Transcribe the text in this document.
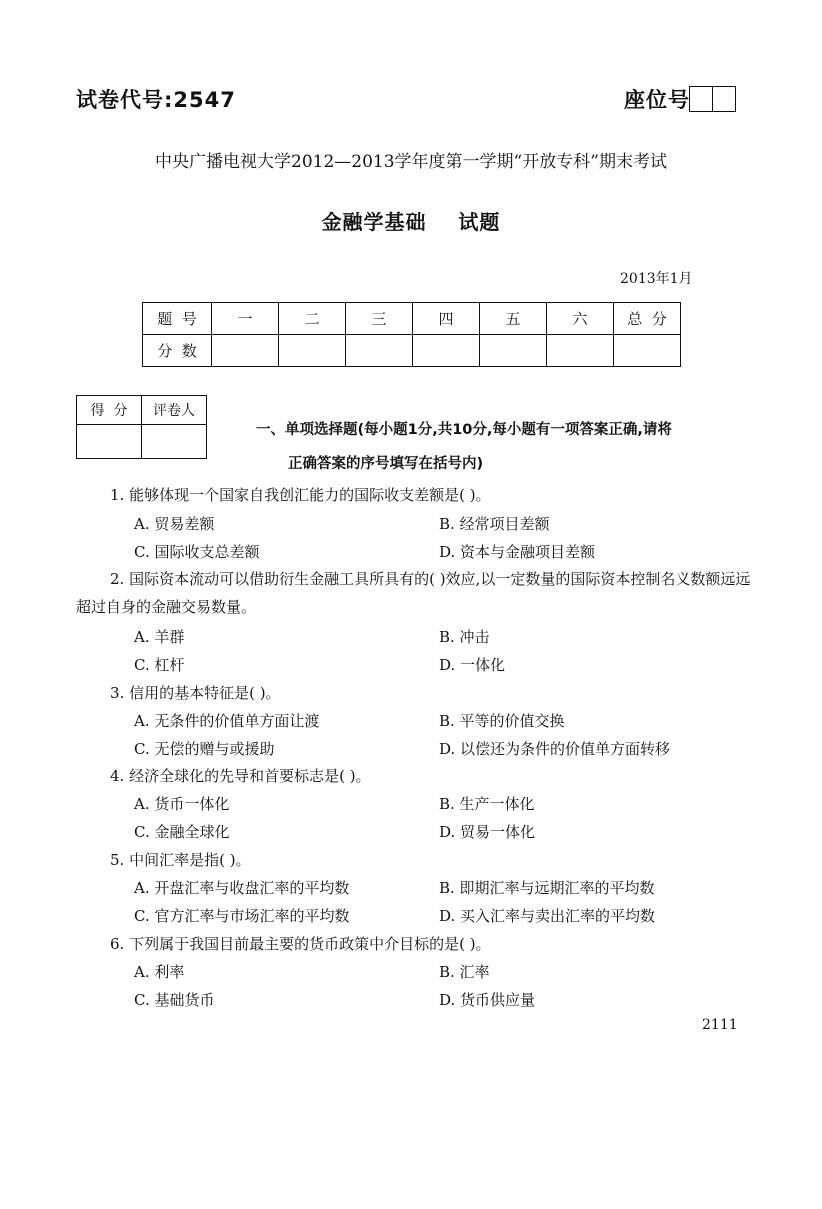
试卷代号:2547	座位号
中央广播电视大学2012—2013学年度第一学期“开放专科”期末考试
金融学基础    试题
2013年1月
题  号	一	二	三	四	五	六	总  分
分  数							
得  分	评卷人

一、单项选择题(每小题1分,共10分,每小题有一项答案正确,请将
正确答案的序号填写在括号内)
1. 能够体现一个国家自我创汇能力的国际收支差额是( )。
A. 贸易差额	B. 经常项目差额
C. 国际收支总差额	D. 资本与金融项目差额
2. 国际资本流动可以借助衍生金融工具所具有的( )效应,以一定数量的国际资本控制名义数额远远超过自身的金融交易数量。
A. 羊群	B. 冲击
C. 杠杆	D. 一体化
3. 信用的基本特征是( )。
A. 无条件的价值单方面让渡	B. 平等的价值交换
C. 无偿的赠与或援助	D. 以偿还为条件的价值单方面转移
4. 经济全球化的先导和首要标志是( )。
A. 货币一体化	B. 生产一体化
C. 金融全球化	D. 贸易一体化
5. 中间汇率是指( )。
A. 开盘汇率与收盘汇率的平均数	B. 即期汇率与远期汇率的平均数
C. 官方汇率与市场汇率的平均数	D. 买入汇率与卖出汇率的平均数
6. 下列属于我国目前最主要的货币政策中介目标的是( )。
A. 利率	B. 汇率
C. 基础货币	D. 货币供应量
2111
